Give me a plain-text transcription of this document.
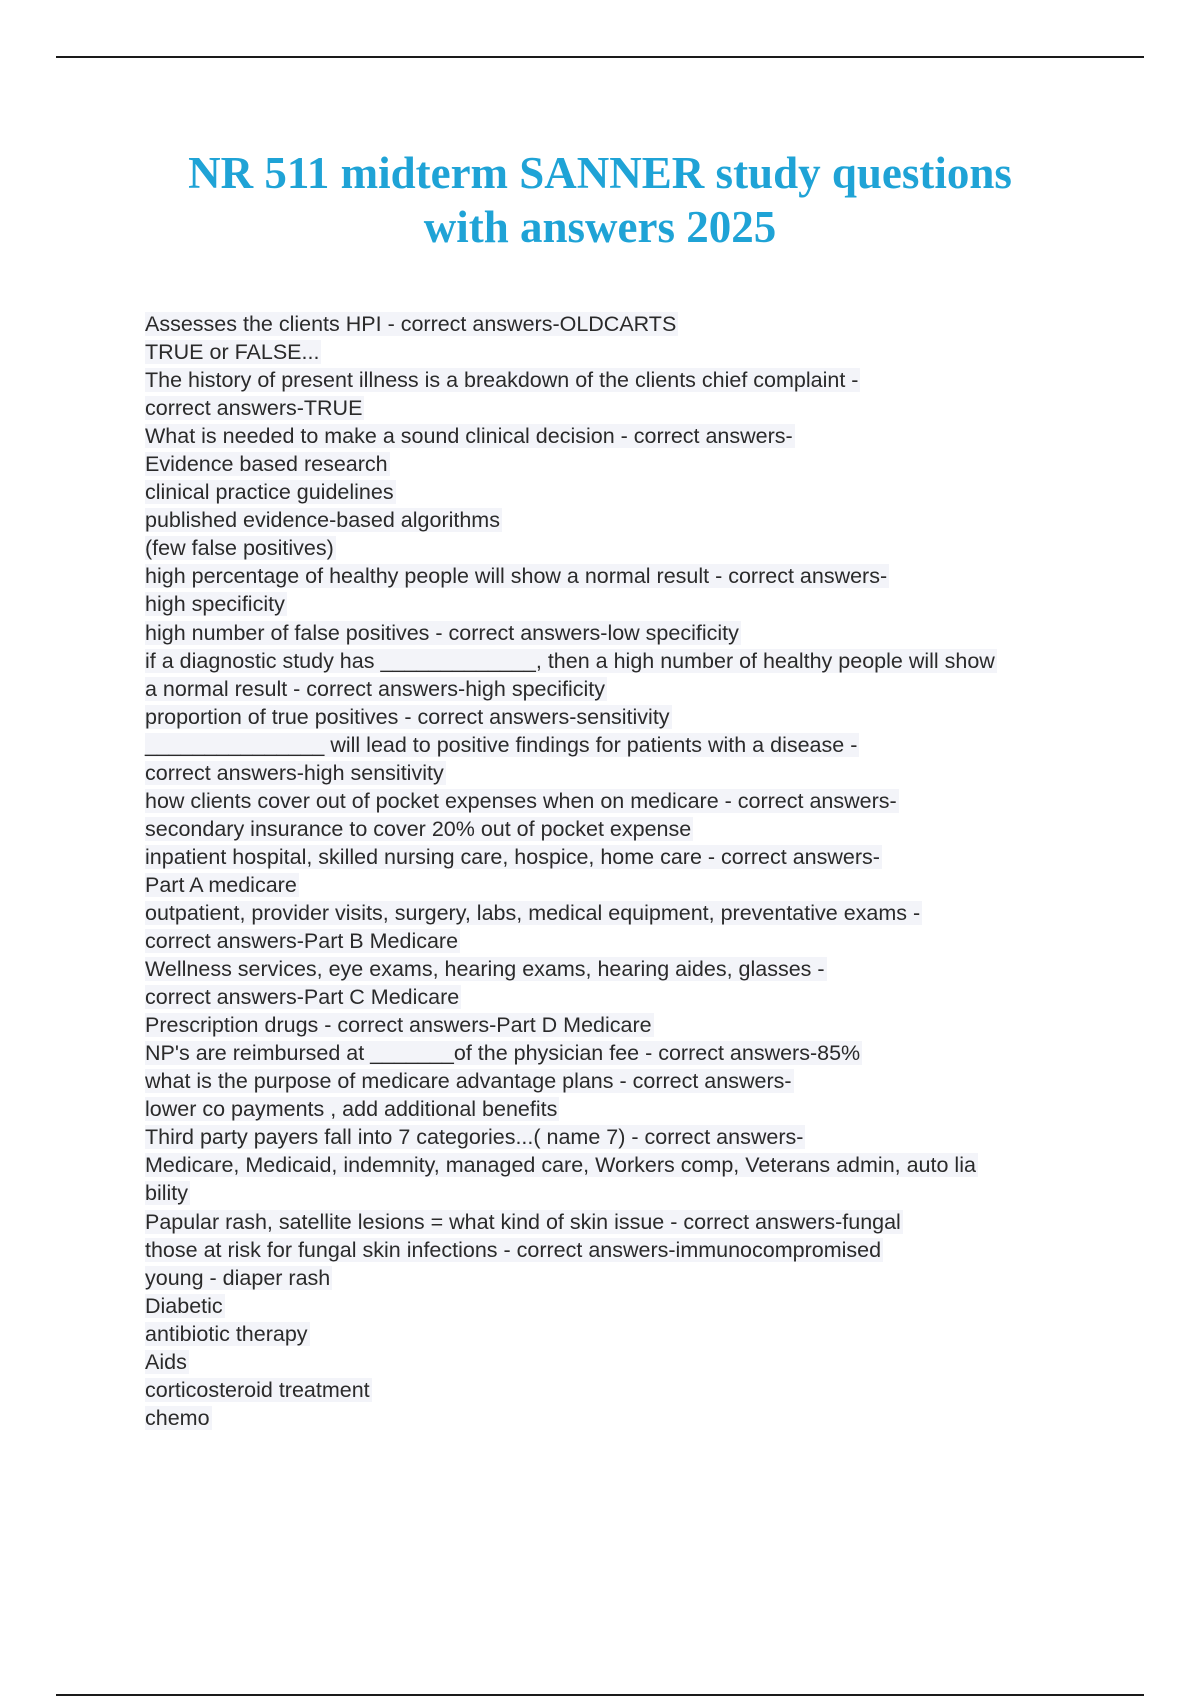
NR 511 midterm SANNER study questions
with answers 2025
Assesses the clients HPI - correct answers-OLDCARTS
TRUE or FALSE...
The history of present illness is a breakdown of the clients chief complaint -
correct answers-TRUE
What is needed to make a sound clinical decision - correct answers-
Evidence based research
clinical practice guidelines
published evidence-based algorithms
(few false positives)
high percentage of healthy people will show a normal result - correct answers-
high specificity
high number of false positives - correct answers-low specificity
if a diagnostic study has _____________, then a high number of healthy people will show
a normal result - correct answers-high specificity
proportion of true positives - correct answers-sensitivity
_______________ will lead to positive findings for patients with a disease -
correct answers-high sensitivity
how clients cover out of pocket expenses when on medicare - correct answers-
secondary insurance to cover 20% out of pocket expense
inpatient hospital, skilled nursing care, hospice, home care - correct answers-
Part A medicare
outpatient, provider visits, surgery, labs, medical equipment, preventative exams -
correct answers-Part B Medicare
Wellness services, eye exams, hearing exams, hearing aides, glasses -
correct answers-Part C Medicare
Prescription drugs - correct answers-Part D Medicare
NP's are reimbursed at _______of the physician fee - correct answers-85%
what is the purpose of medicare advantage plans - correct answers-
lower co payments , add additional benefits
Third party payers fall into 7 categories...( name 7) - correct answers-
Medicare, Medicaid, indemnity, managed care, Workers comp, Veterans admin, auto lia
bility
Papular rash, satellite lesions = what kind of skin issue - correct answers-fungal
those at risk for fungal skin infections - correct answers-immunocompromised
young - diaper rash
Diabetic
antibiotic therapy
Aids
corticosteroid treatment
chemo
